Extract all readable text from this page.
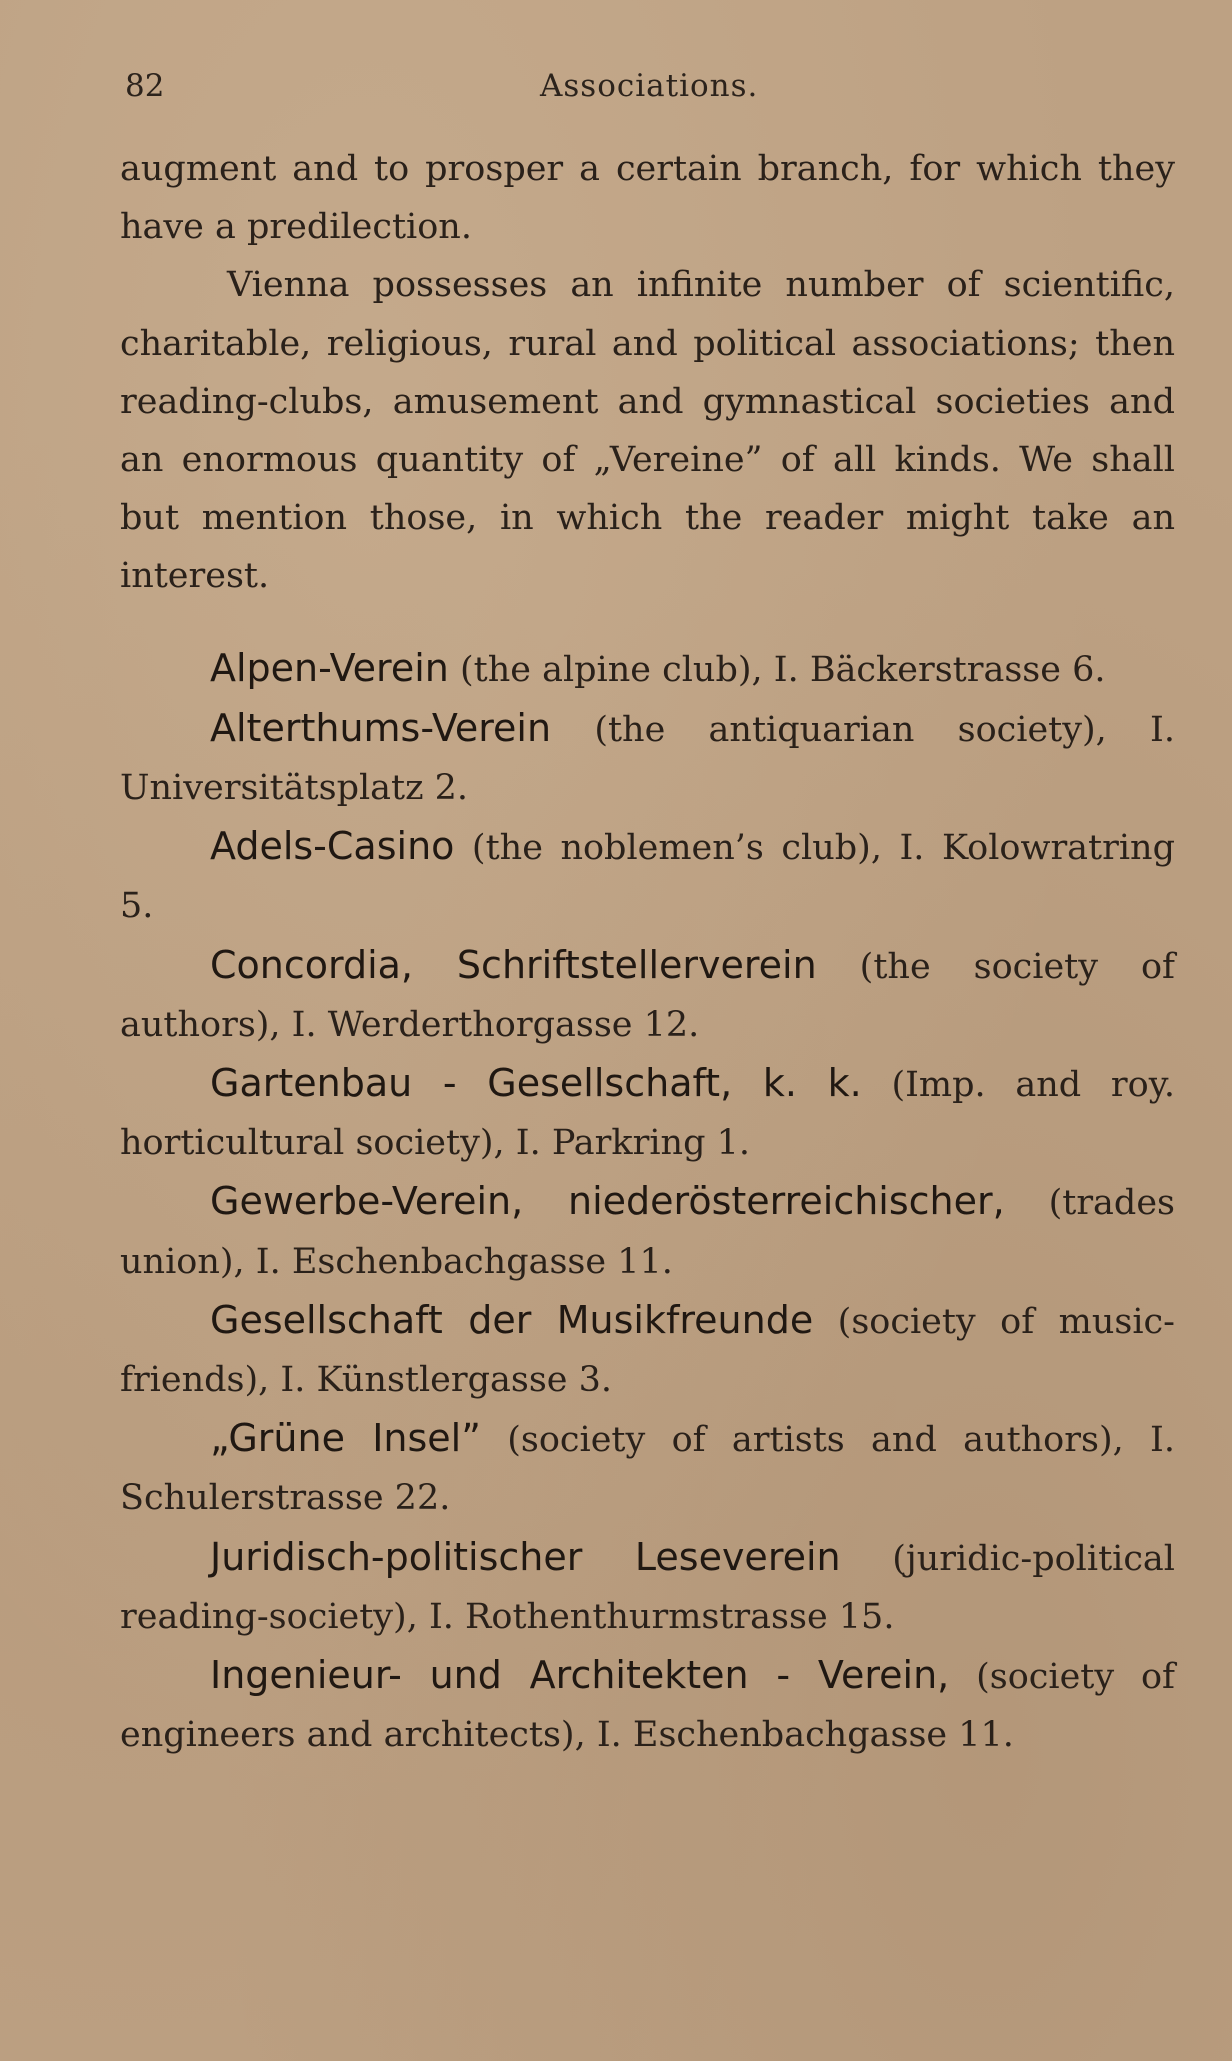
82	Associations.

augment and to prosper a certain branch, for which they have a predilection.

Vienna possesses an infinite number of scientific, charitable, religious, rural and political associations; then reading-clubs, amusement and gymnastical societies and an enormous quantity of „Vereine” of all kinds. We shall but mention those, in which the reader might take an interest.

Alpen-Verein (the alpine club), I. Bäckerstrasse 6.

Alterthums-Verein (the antiquarian society), I. Universitätsplatz 2.

Adels-Casino (the noblemen’s club), I. Kolowratring 5.

Concordia, Schriftstellerverein (the society of authors), I. Werderthorgasse 12.

Gartenbau - Gesellschaft, k. k. (Imp. and roy. horticultural society), I. Parkring 1.

Gewerbe-Verein, niederösterreichischer, (trades union), I. Eschenbachgasse 11.

Gesellschaft der Musikfreunde (society of music-friends), I. Künstlergasse 3.

„Grüne Insel” (society of artists and authors), I. Schulerstrasse 22.

Juridisch-politischer Leseverein (juridic-political reading-society), I. Rothenthurmstrasse 15.

Ingenieur- und Architekten - Verein, (society of engineers and architects), I. Eschenbachgasse 11.
